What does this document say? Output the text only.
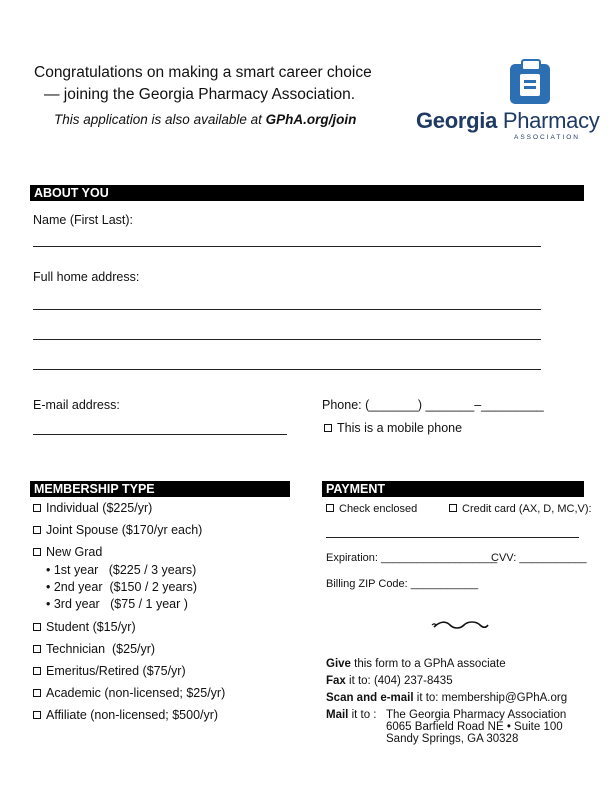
Congratulations on making a smart career choice
— joining the Georgia Pharmacy Association.
This application is also available at GPhA.org/join	Georgia Pharmacy
ASSOCIATION
ABOUT YOU
Name (First Last):
Full home address:
E-mail address:	Phone: (_______) _______–_________
This is a mobile phone
MEMBERSHIP TYPE
Individual ($225/yr)
Joint Spouse ($170/yr each)
New Grad
• 1st year   ($225 / 3 years)
• 2nd year  ($150 / 2 years)
• 3rd year   ($75 / 1 year )
Student ($15/yr)
Technician  ($25/yr)
Emeritus/Retired ($75/yr)
Academic (non-licensed; $25/yr)
Affiliate (non-licensed; $500/yr)
PAYMENT
Check enclosed	Credit card (AX, D, MC,V):
Expiration: ___________________
CVV: ___________
Billing ZIP Code: ___________
Give this form to a GPhA associate
Fax it to: (404) 237-8435
Scan and e-mail it to: membership@GPhA.org
Mail it to : The Georgia Pharmacy Association
6065 Barfield Road NE • Suite 100
Sandy Springs, GA 30328
